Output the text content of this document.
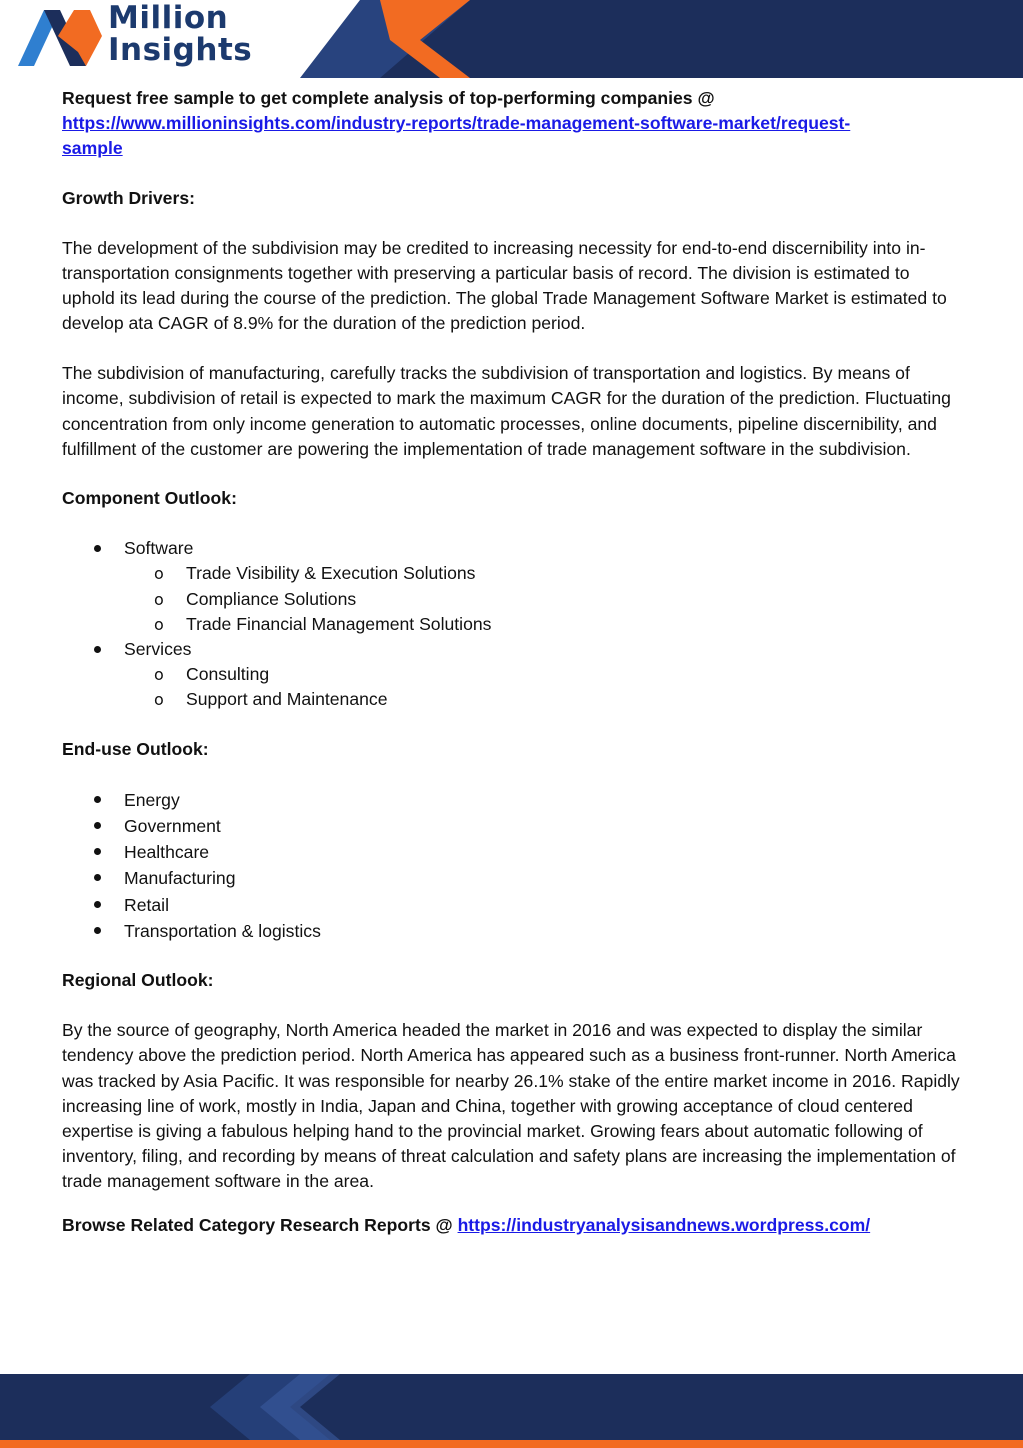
Million
Insights

Request free sample to get complete analysis of top-performing companies @

https://www.millioninsights.com/industry-reports/trade-management-software-market/request-
sample

Growth Drivers:

The development of the subdivision may be credited to increasing necessity for end-to-end discernibility into in-transportation consignments together with preserving a particular basis of record. The division is estimated to uphold its lead during the course of the prediction. The global Trade Management Software Market is estimated to develop ata CAGR of 8.9% for the duration of the prediction period.

The subdivision of manufacturing, carefully tracks the subdivision of transportation and logistics. By means of income, subdivision of retail is expected to mark the maximum CAGR for the duration of the prediction. Fluctuating concentration from only income generation to automatic processes, online documents, pipeline discernibility, and fulfillment of the customer are powering the implementation of trade management software in the subdivision.

Component Outlook:

Software
o Trade Visibility & Execution Solutions
o Compliance Solutions
o Trade Financial Management Solutions
Services
o Consulting
o Support and Maintenance

End-use Outlook:

Energy
Government
Healthcare
Manufacturing
Retail
Transportation & logistics

Regional Outlook:

By the source of geography, North America headed the market in 2016 and was expected to display the similar tendency above the prediction period. North America has appeared such as a business front-runner. North America was tracked by Asia Pacific. It was responsible for nearby 26.1% stake of the entire market income in 2016. Rapidly increasing line of work, mostly in India, Japan and China, together with growing acceptance of cloud centered expertise is giving a fabulous helping hand to the provincial market. Growing fears about automatic following of inventory, filing, and recording by means of threat calculation and safety plans are increasing the implementation of trade management software in the area.

Browse Related Category Research Reports @ https://industryanalysisandnews.wordpress.com/
